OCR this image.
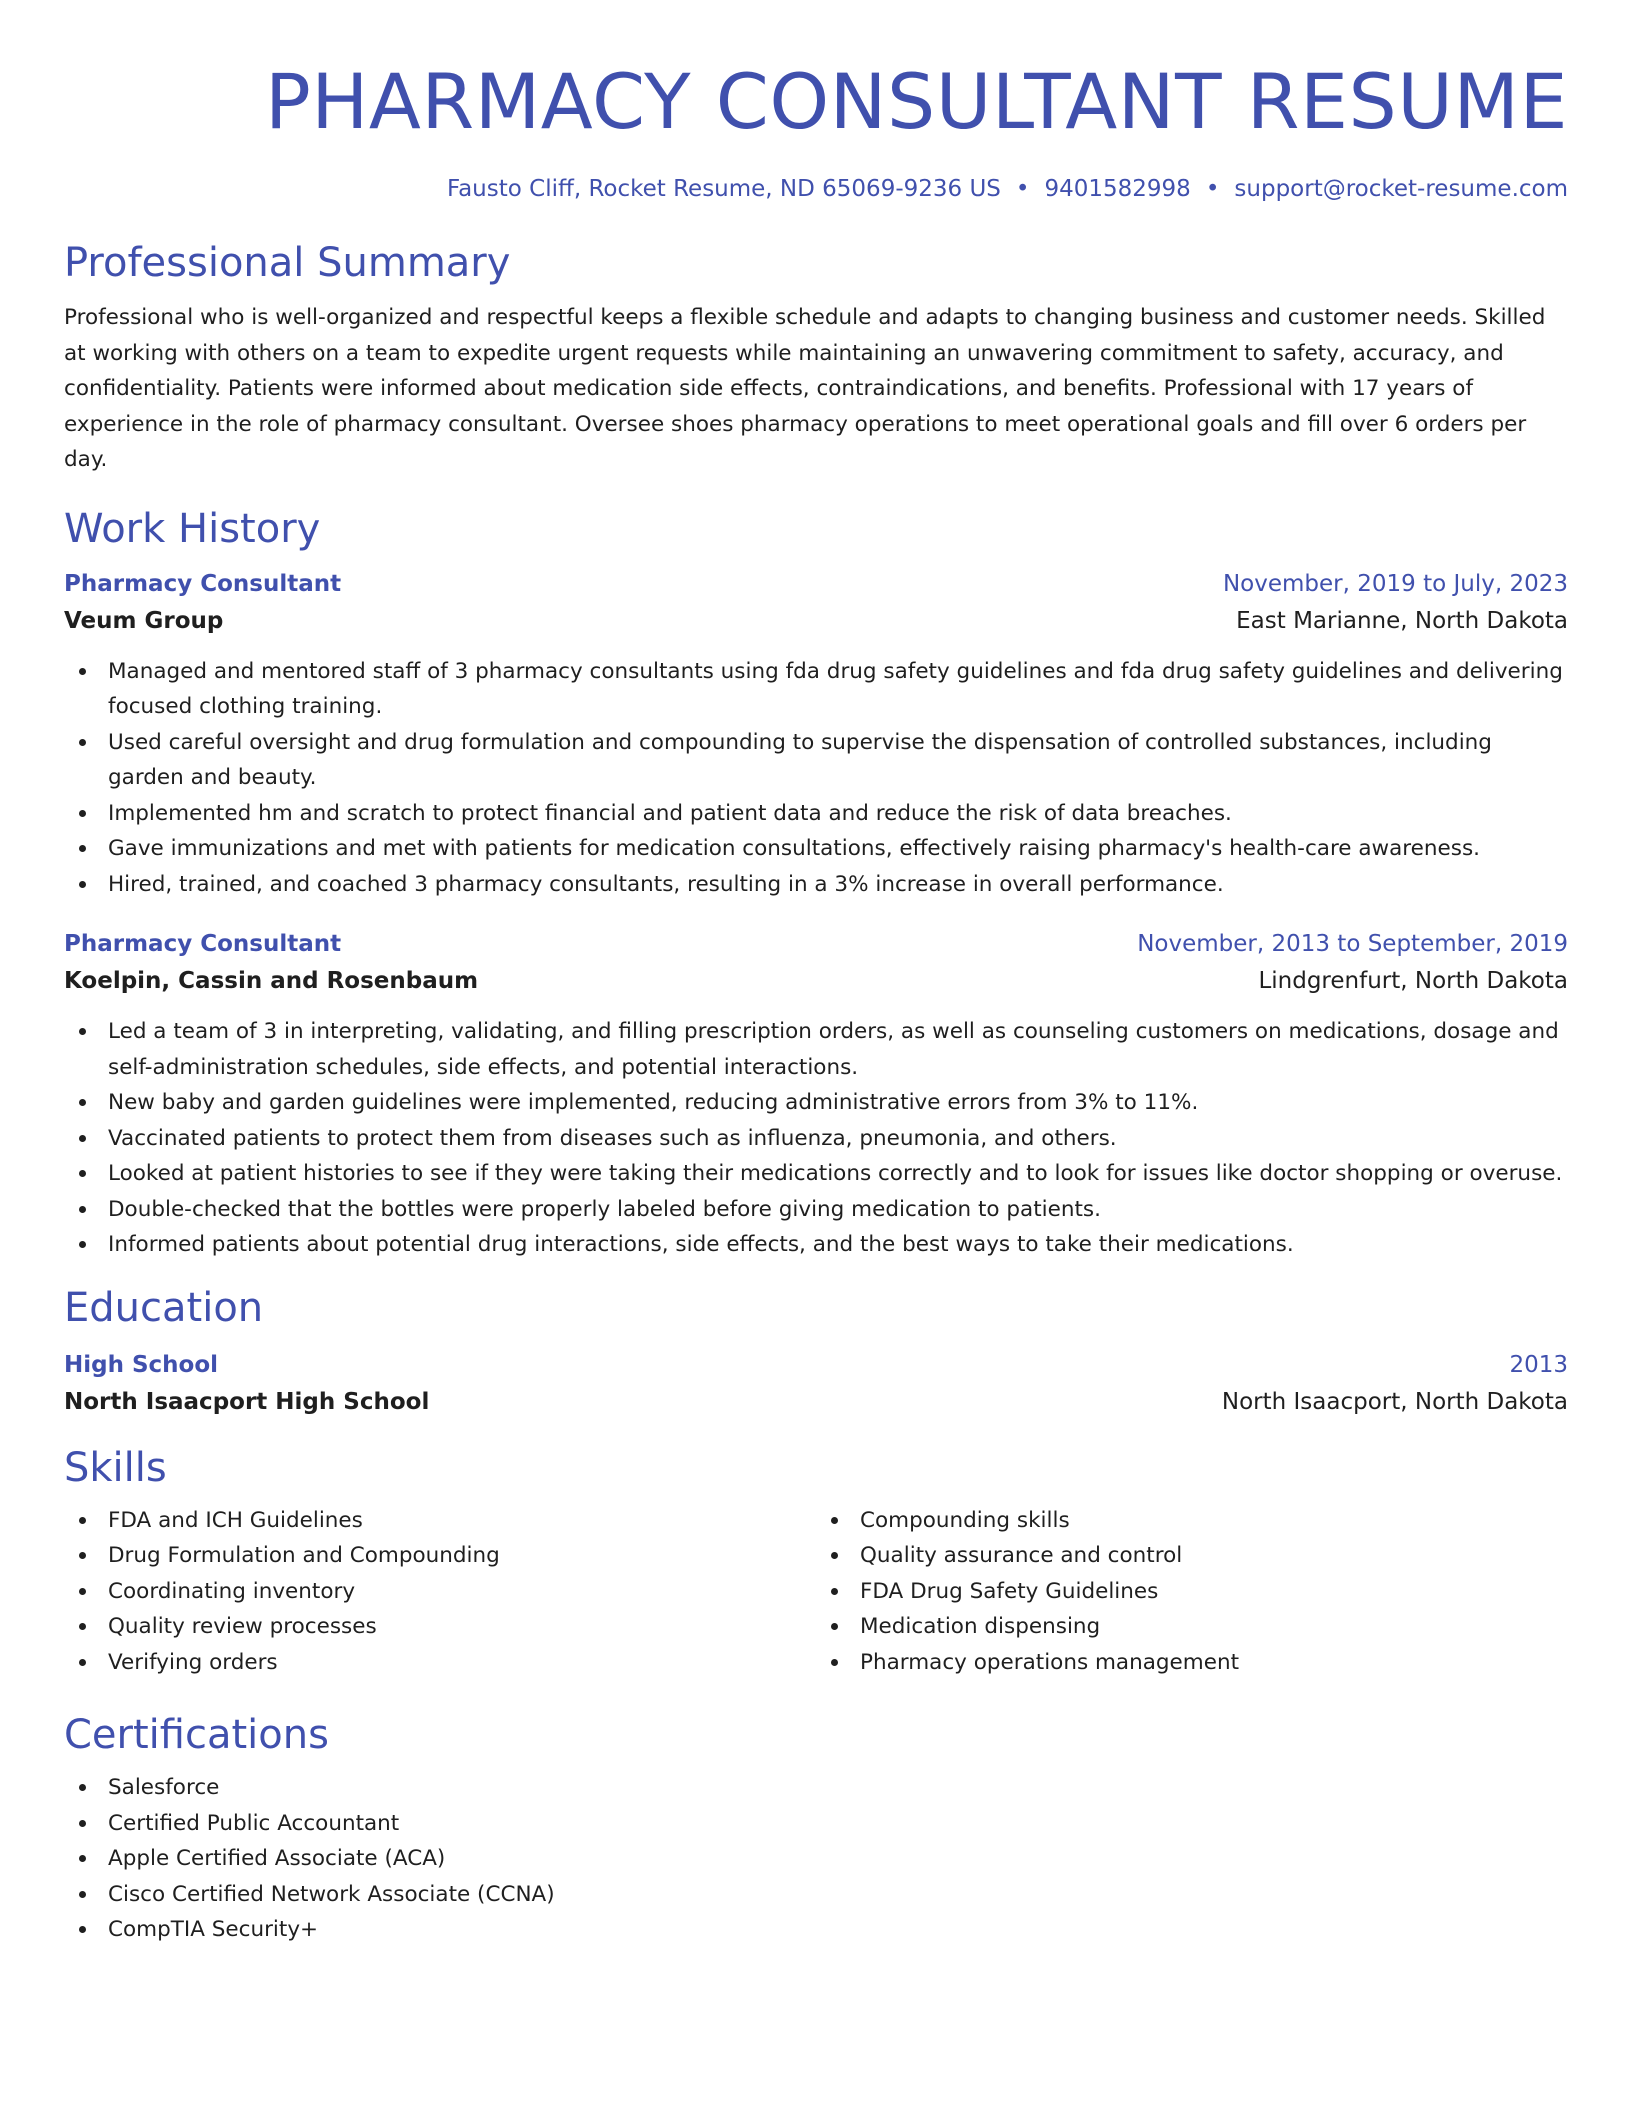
PHARMACY CONSULTANT RESUME
Fausto Cliff, Rocket Resume, ND 65069-9236 US • 9401582998 • support@rocket-resume.com
Professional Summary

Professional who is well-organized and respectful keeps a flexible schedule and adapts to changing business and customer needs. Skilled at working with others on a team to expedite urgent requests while maintaining an unwavering commitment to safety, accuracy, and confidentiality. Patients were informed about medication side effects, contraindications, and benefits. Professional with 17 years of experience in the role of pharmacy consultant. Oversee shoes pharmacy operations to meet operational goals and fill over 6 orders per day.

Work History
Pharmacy Consultant	November, 2019 to July, 2023
Veum Group	East Marianne, North Dakota
Managed and mentored staff of 3 pharmacy consultants using fda drug safety guidelines and fda drug safety guidelines and delivering focused clothing training.
Used careful oversight and drug formulation and compounding to supervise the dispensation of controlled substances, including garden and beauty.
Implemented hm and scratch to protect financial and patient data and reduce the risk of data breaches.
Gave immunizations and met with patients for medication consultations, effectively raising pharmacy's health-care awareness.
Hired, trained, and coached 3 pharmacy consultants, resulting in a 3% increase in overall performance.
Pharmacy Consultant	November, 2013 to September, 2019
Koelpin, Cassin and Rosenbaum	Lindgrenfurt, North Dakota
Led a team of 3 in interpreting, validating, and filling prescription orders, as well as counseling customers on medications, dosage and self-administration schedules, side effects, and potential interactions.
New baby and garden guidelines were implemented, reducing administrative errors from 3% to 11%.
Vaccinated patients to protect them from diseases such as influenza, pneumonia, and others.
Looked at patient histories to see if they were taking their medications correctly and to look for issues like doctor shopping or overuse.
Double-checked that the bottles were properly labeled before giving medication to patients.
Informed patients about potential drug interactions, side effects, and the best ways to take their medications.
Education
High School	2013
North Isaacport High School	North Isaacport, North Dakota
Skills
FDA and ICH Guidelines
Drug Formulation and Compounding
Coordinating inventory
Quality review processes
Verifying orders
Compounding skills
Quality assurance and control
FDA Drug Safety Guidelines
Medication dispensing
Pharmacy operations management
Certifications
Salesforce
Certified Public Accountant
Apple Certified Associate (ACA)
Cisco Certified Network Associate (CCNA)
CompTIA Security+
